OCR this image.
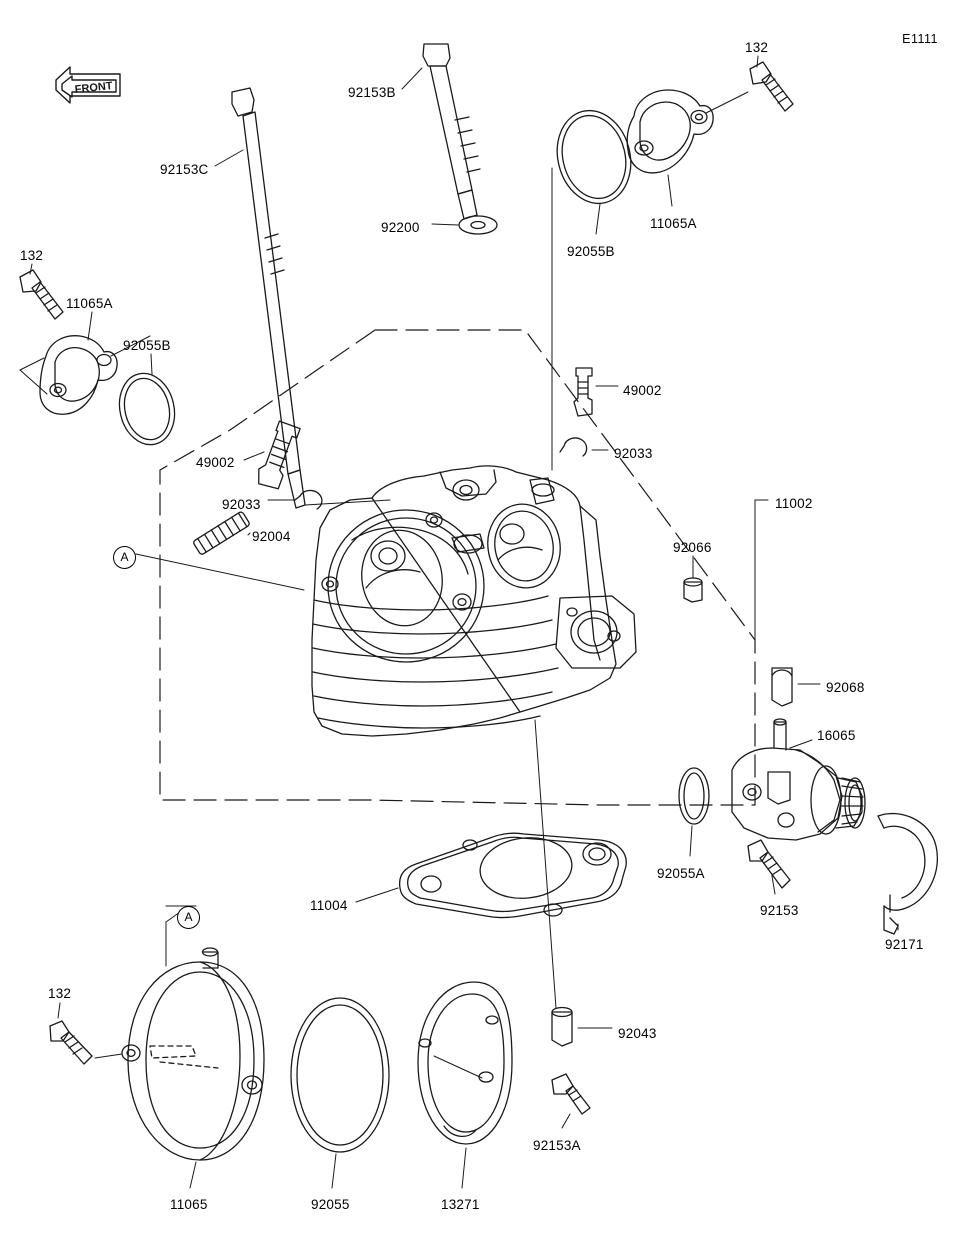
FRONT
E1111
132
92153B
92153C
11065A
92200
92055B
132
11065A
92055B
49002
92033
49002
11002
92033
92004
92066
92068
16065
92055A
92153
11004
92171
132
92043
92153A
11065	92055	13271
A
A
